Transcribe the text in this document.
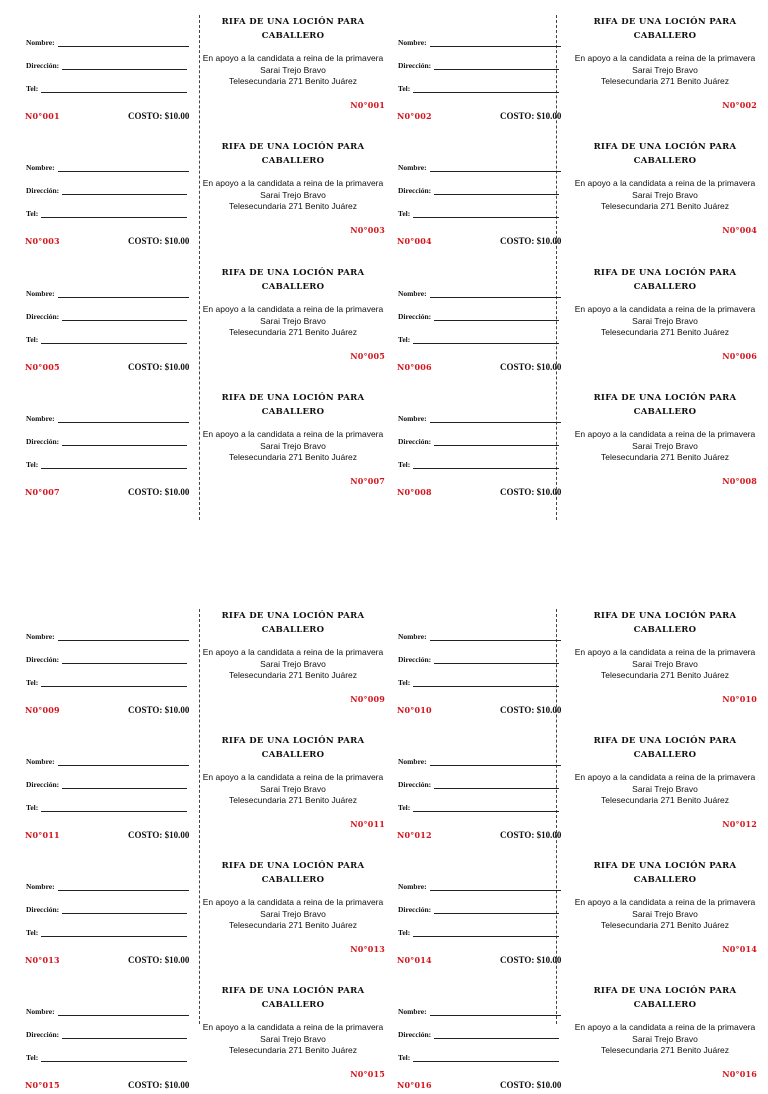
Nombre:
Dirección:
Tel:
N0°001	COSTO: $10.00
RIFA DE UNA LOCIÓN PARA CABALLERO
En apoyo a la candidata a reina de la primavera
Sarai Trejo Bravo
Telesecundaria 271 Benito Juárez
N0°001
Nombre:
Dirección:
Tel:
N0°002	COSTO: $10.00
RIFA DE UNA LOCIÓN PARA CABALLERO
En apoyo a la candidata a reina de la primavera
Sarai Trejo Bravo
Telesecundaria 271 Benito Juárez
N0°002
Nombre:
Dirección:
Tel:
N0°003	COSTO: $10.00
RIFA DE UNA LOCIÓN PARA CABALLERO
En apoyo a la candidata a reina de la primavera
Sarai Trejo Bravo
Telesecundaria 271 Benito Juárez
N0°003
Nombre:
Dirección:
Tel:
N0°004	COSTO: $10.00
RIFA DE UNA LOCIÓN PARA CABALLERO
En apoyo a la candidata a reina de la primavera
Sarai Trejo Bravo
Telesecundaria 271 Benito Juárez
N0°004
Nombre:
Dirección:
Tel:
N0°005	COSTO: $10.00
RIFA DE UNA LOCIÓN PARA CABALLERO
En apoyo a la candidata a reina de la primavera
Sarai Trejo Bravo
Telesecundaria 271 Benito Juárez
N0°005
Nombre:
Dirección:
Tel:
N0°006	COSTO: $10.00
RIFA DE UNA LOCIÓN PARA CABALLERO
En apoyo a la candidata a reina de la primavera
Sarai Trejo Bravo
Telesecundaria 271 Benito Juárez
N0°006
Nombre:
Dirección:
Tel:
N0°007	COSTO: $10.00
RIFA DE UNA LOCIÓN PARA CABALLERO
En apoyo a la candidata a reina de la primavera
Sarai Trejo Bravo
Telesecundaria 271 Benito Juárez
N0°007
Nombre:
Dirección:
Tel:
N0°008	COSTO: $10.00
RIFA DE UNA LOCIÓN PARA CABALLERO
En apoyo a la candidata a reina de la primavera
Sarai Trejo Bravo
Telesecundaria 271 Benito Juárez
N0°008
Nombre:
Dirección:
Tel:
N0°009	COSTO: $10.00
RIFA DE UNA LOCIÓN PARA CABALLERO
En apoyo a la candidata a reina de la primavera
Sarai Trejo Bravo
Telesecundaria 271 Benito Juárez
N0°009
Nombre:
Dirección:
Tel:
N0°010	COSTO: $10.00
RIFA DE UNA LOCIÓN PARA CABALLERO
En apoyo a la candidata a reina de la primavera
Sarai Trejo Bravo
Telesecundaria 271 Benito Juárez
N0°010
Nombre:
Dirección:
Tel:
N0°011	COSTO: $10.00
RIFA DE UNA LOCIÓN PARA CABALLERO
En apoyo a la candidata a reina de la primavera
Sarai Trejo Bravo
Telesecundaria 271 Benito Juárez
N0°011
Nombre:
Dirección:
Tel:
N0°012	COSTO: $10.00
RIFA DE UNA LOCIÓN PARA CABALLERO
En apoyo a la candidata a reina de la primavera
Sarai Trejo Bravo
Telesecundaria 271 Benito Juárez
N0°012
Nombre:
Dirección:
Tel:
N0°013	COSTO: $10.00
RIFA DE UNA LOCIÓN PARA CABALLERO
En apoyo a la candidata a reina de la primavera
Sarai Trejo Bravo
Telesecundaria 271 Benito Juárez
N0°013
Nombre:
Dirección:
Tel:
N0°014	COSTO: $10.00
RIFA DE UNA LOCIÓN PARA CABALLERO
En apoyo a la candidata a reina de la primavera
Sarai Trejo Bravo
Telesecundaria 271 Benito Juárez
N0°014
Nombre:
Dirección:
Tel:
N0°015	COSTO: $10.00
RIFA DE UNA LOCIÓN PARA CABALLERO
En apoyo a la candidata a reina de la primavera
Sarai Trejo Bravo
Telesecundaria 271 Benito Juárez
N0°015
Nombre:
Dirección:
Tel:
N0°016	COSTO: $10.00
RIFA DE UNA LOCIÓN PARA CABALLERO
En apoyo a la candidata a reina de la primavera
Sarai Trejo Bravo
Telesecundaria 271 Benito Juárez
N0°016
